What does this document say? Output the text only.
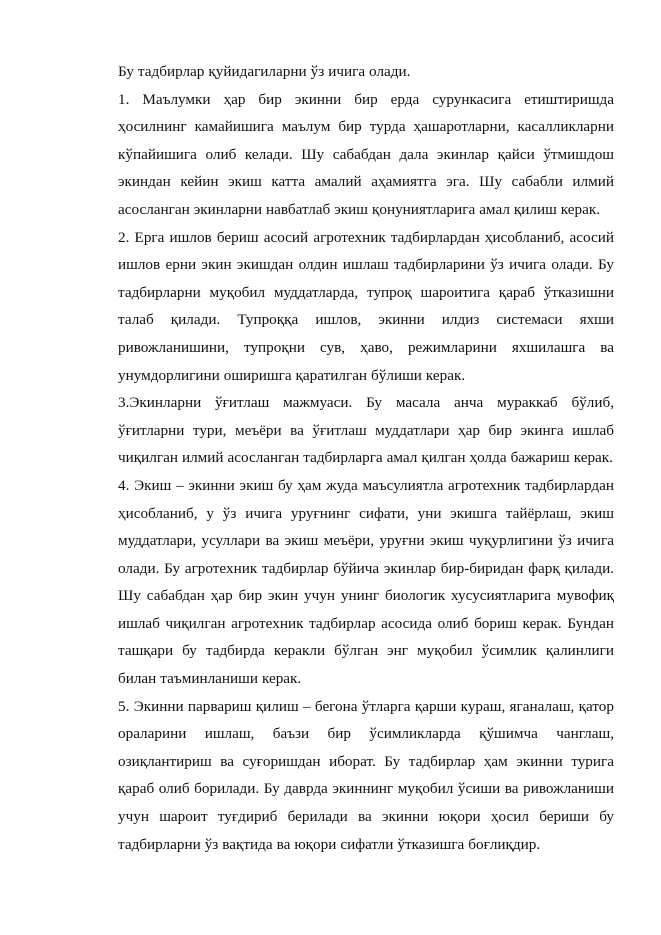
Бу тадбирлар қуйидагиларни ўз ичига олади.

1. Маълумки ҳар бир экинни бир ерда сурункасига етиштиришда ҳосилнинг камайишига маълум бир турда ҳашаротларни, касалликларни кўпайишига олиб келади. Шу сабабдан дала экинлар қайси ўтмишдош экиндан кейин экиш катта амалий аҳамиятга эга. Шу сабабли илмий асосланган экинларни навбатлаб экиш қонуниятларига амал қилиш керак.

2. Ерга ишлов бериш асосий агротехник тадбирлардан ҳисобланиб, асосий ишлов ерни экин экишдан олдин ишлаш тадбирларини ўз ичига олади. Бу тадбирларни муқобил муддатларда, тупроқ шароитига қараб ўтказишни талаб қилади. Тупроққа ишлов, экинни илдиз системаси яхши ривожланишини, тупроқни сув, ҳаво, режимларини яхшилашга ва унумдорлигини оширишга қаратилган бўлиши керак.

3.Экинларни ўғитлаш мажмуаси. Бу масала анча мураккаб бўлиб, ўғитларни тури, меъёри ва ўғитлаш муддатлари ҳар бир экинга ишлаб чиқилган илмий асосланган тадбирларга амал қилган ҳолда бажариш керак.

4. Экиш – экинни экиш бу ҳам жуда маъсулиятла агротехник тадбирлардан ҳисобланиб, у ўз ичига уруғнинг сифати, уни экишга тайёрлаш, экиш муддатлари, усуллари ва экиш меъёри, уруғни экиш чуқурлигини ўз ичига олади. Бу агротехник тадбирлар бўйича экинлар бир-биридан фарқ қилади. Шу сабабдан ҳар бир экин учун унинг биологик хусусиятларига мувофиқ ишлаб чиқилган агротехник тадбирлар асосида олиб бориш керак. Бундан ташқари бу тадбирда керакли бўлган энг муқобил ўсимлик қалинлиги билан таъминланиши керак.

5. Экинни парвариш қилиш – бегона ўтларга қарши кураш, яганалаш, қатор ораларини ишлаш, баъзи бир ўсимликларда қўшимча чанглаш, озиқлантириш ва суғоришдан иборат. Бу тадбирлар ҳам экинни турига қараб олиб борилади. Бу даврда экиннинг муқобил ўсиши ва ривожланиши учун шароит туғдириб берилади ва экинни юқори ҳосил бериши бу тадбирларни ўз вақтида ва юқори сифатли ўтказишга боғлиқдир.
